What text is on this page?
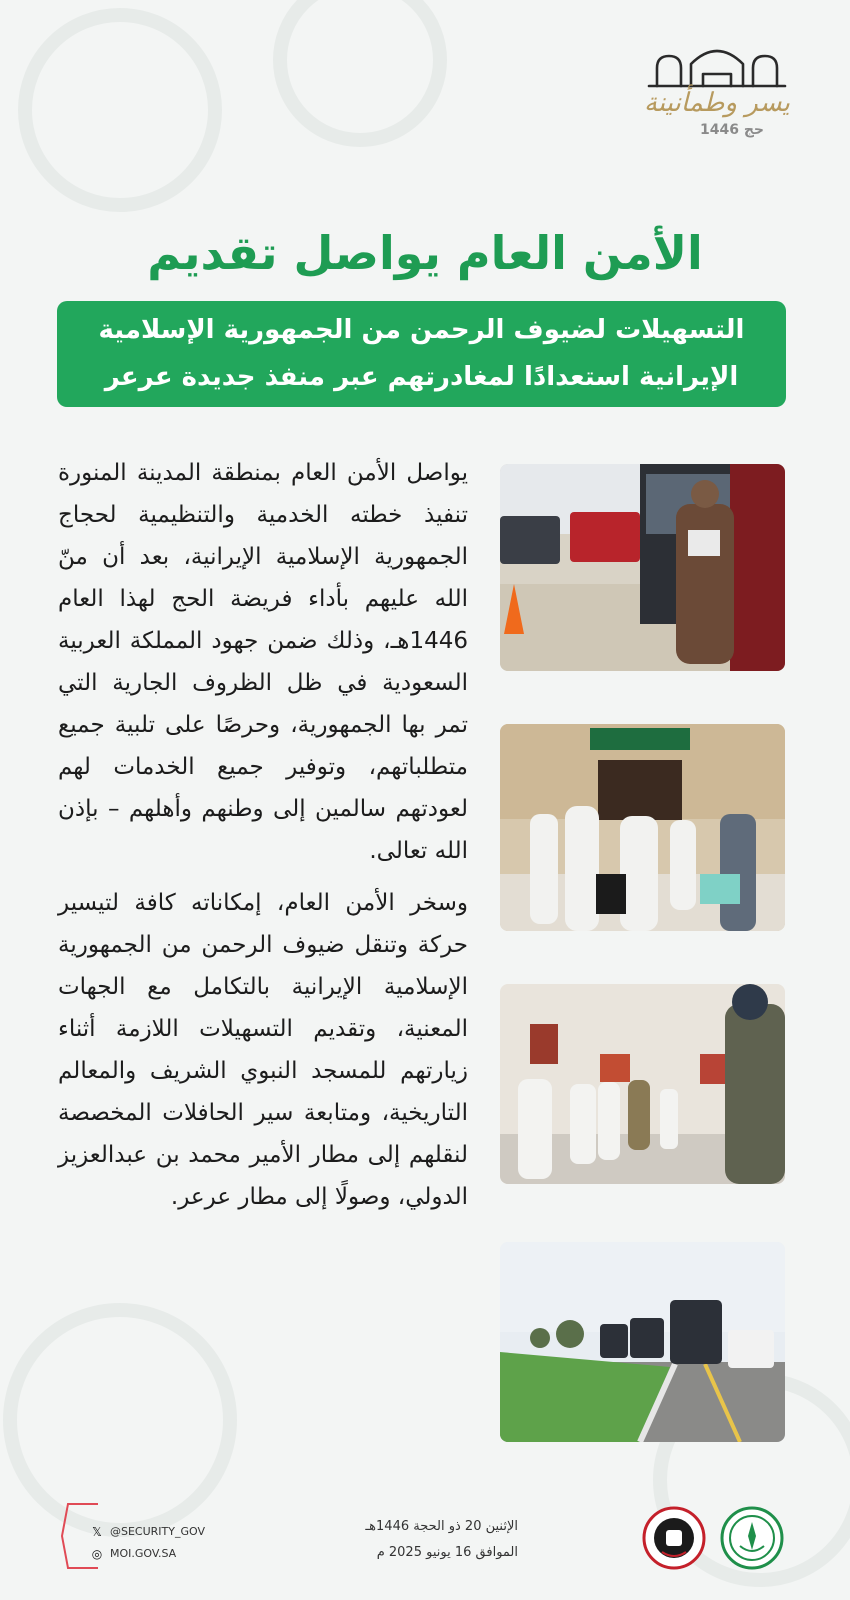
يسر وطمأنينة
حج 1446
الأمن العام يواصل تقديم
التسهيلات لضيوف الرحمن من الجمهورية الإسلامية
الإيرانية استعدادًا لمغادرتهم عبر منفذ جديدة عرعر

يواصل الأمن العام بمنطقة المدينة المنورة تنفيذ خطته الخدمية والتنظيمية لحجاج الجمهورية الإسلامية الإيرانية، بعد أن منّ الله عليهم بأداء فريضة الحج لهذا العام 1446هـ، وذلك ضمن جهود المملكة العربية السعودية في ظل الظروف الجارية التي تمر بها الجمهورية، وحرصًا على تلبية جميع متطلباتهم، وتوفير جميع الخدمات لهم لعودتهم سالمين إلى وطنهم وأهلهم – بإذن الله تعالى.

وسخر الأمن العام، إمكاناته كافة لتيسير حركة وتنقل ضيوف الرحمن من الجمهورية الإسلامية الإيرانية بالتكامل مع الجهات المعنية، وتقديم التسهيلات اللازمة أثناء زيارتهم للمسجد النبوي الشريف والمعالم التاريخية، ومتابعة سير الحافلات المخصصة لنقلهم إلى مطار الأمير محمد بن عبدالعزيز الدولي، وصولًا إلى مطار عرعر.

الإثنين 20 ذو الحجة 1446هـ
الموافق 16 يونيو 2025 م
𝕏 @SECURITY_GOV
◎ MOI.GOV.SA
